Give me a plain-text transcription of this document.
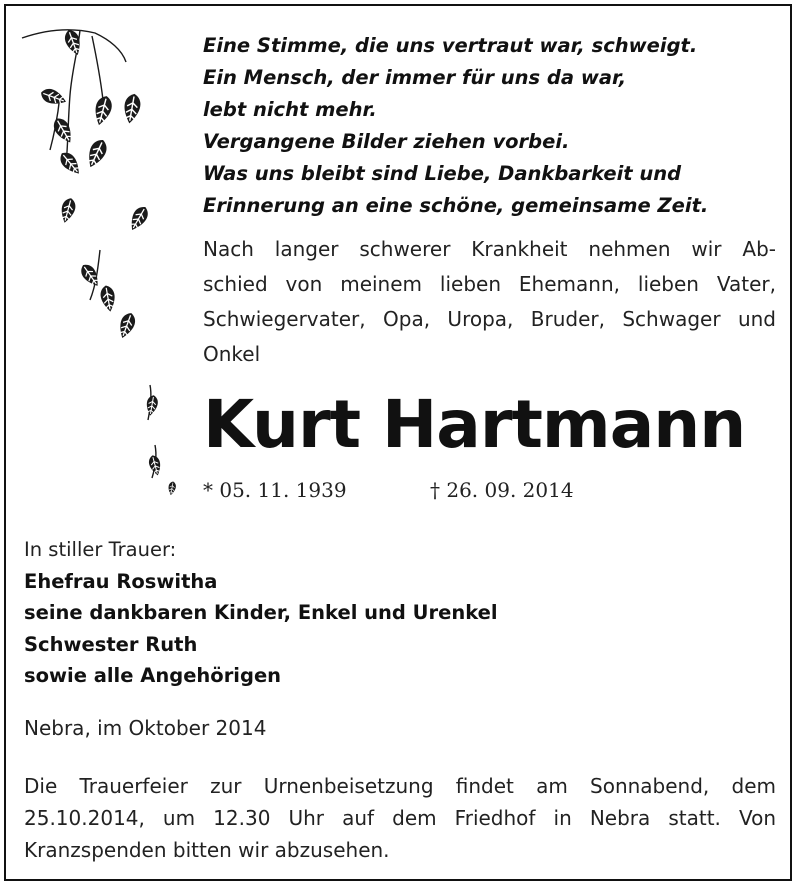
Eine Stimme, die uns vertraut war, schweigt.
Ein Mensch, der immer für uns da war,
lebt nicht mehr.
Vergangene Bilder ziehen vorbei.
Was uns bleibt sind Liebe, Dankbarkeit und
Erinnerung an eine schöne, gemeinsame Zeit.
Nach langer schwerer Krankheit nehmen wir Ab-
schied von meinem lieben Ehemann, lieben Vater, Schwiegervater, Opa, Uropa, Bruder, Schwager und Onkel
Kurt Hartmann
* 05. 11. 1939	† 26. 09. 2014
In stiller Trauer:
Ehefrau Roswitha
seine dankbaren Kinder, Enkel und Urenkel
Schwester Ruth
sowie alle Angehörigen
Nebra, im Oktober 2014
Die Trauerfeier zur Urnenbeisetzung findet am Sonnabend, dem 25.10.2014, um 12.30 Uhr auf dem Friedhof in Nebra statt. Von Kranzspenden bitten wir abzusehen.
